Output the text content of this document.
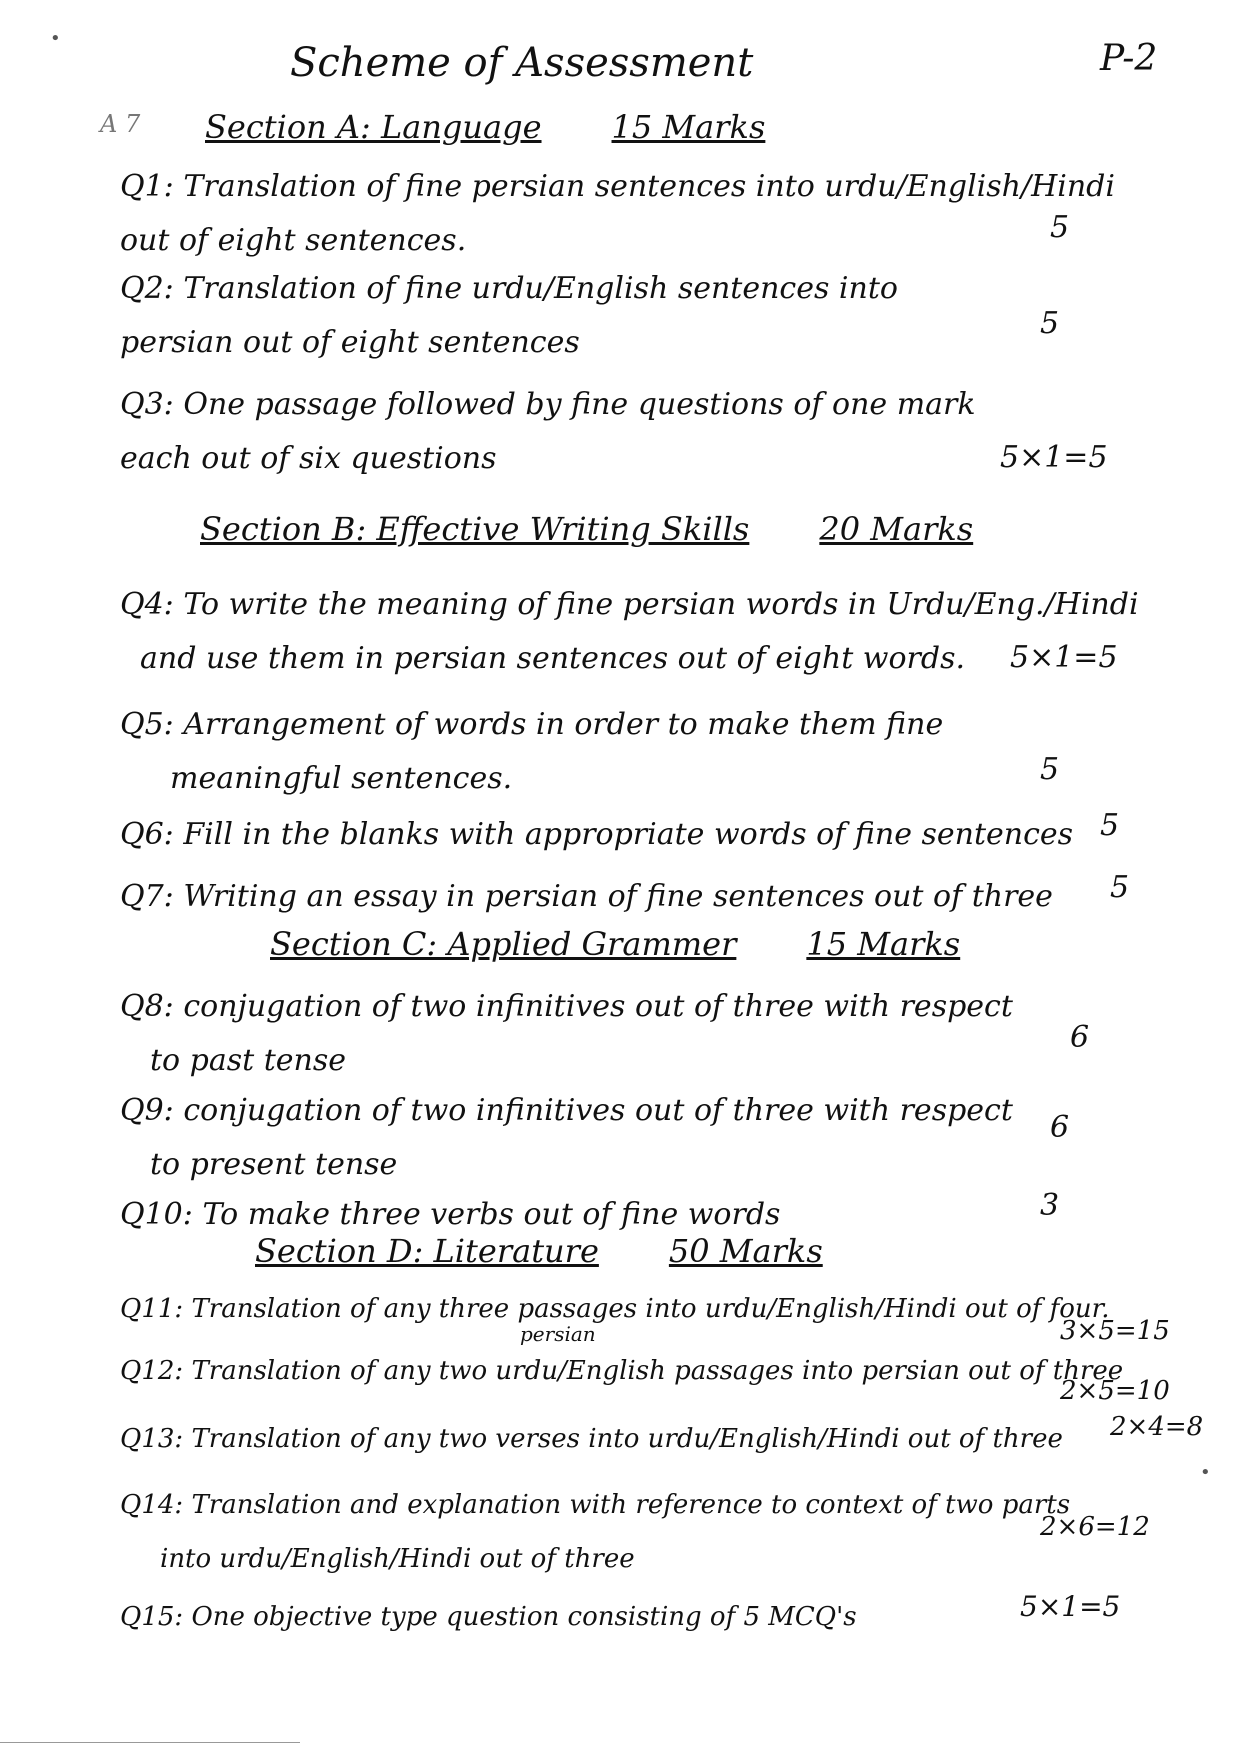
Scheme of Assessment	P-2
A 7
•
Section A: Language 15 Marks
Q1: Translation of fine persian sentences into urdu/English/Hindi
out of eight sentences.	5
Q2: Translation of fine urdu/English sentences into
persian out of eight sentences
5
Q3: One passage followed by fine questions of one mark
each out of six questions	5×1=5
Section B: Effective Writing Skills 20 Marks
Q4: To write the meaning of fine persian words in Urdu/Eng./Hindi
and use them in persian sentences out of eight words.	5×1=5
Q5: Arrangement of words in order to make them fine
meaningful sentences.	5
Q6: Fill in the blanks with appropriate words of fine sentences 5
Q7: Writing an essay in persian of fine sentences out of three	5
Section C: Applied Grammer 15 Marks
Q8: conjugation of two infinitives out of three with respect
to past tense
6
Q9: conjugation of two infinitives out of three with respect
to present tense
6
Q10: To make three verbs out of fine words	3
Section D: Literature 50 Marks
Q11: Translation of any three passages into urdu/English/Hindi out of four.
3×5=15
persian
Q12: Translation of any two urdu/English passages into persian out of three
2×5=10
Q13: Translation of any two verses into urdu/English/Hindi out of three	2×4=8
Q14: Translation and explanation with reference to context of two parts
into urdu/English/Hindi out of three
2×6=12
Q15: One objective type question consisting of 5 MCQ's	5×1=5
•
